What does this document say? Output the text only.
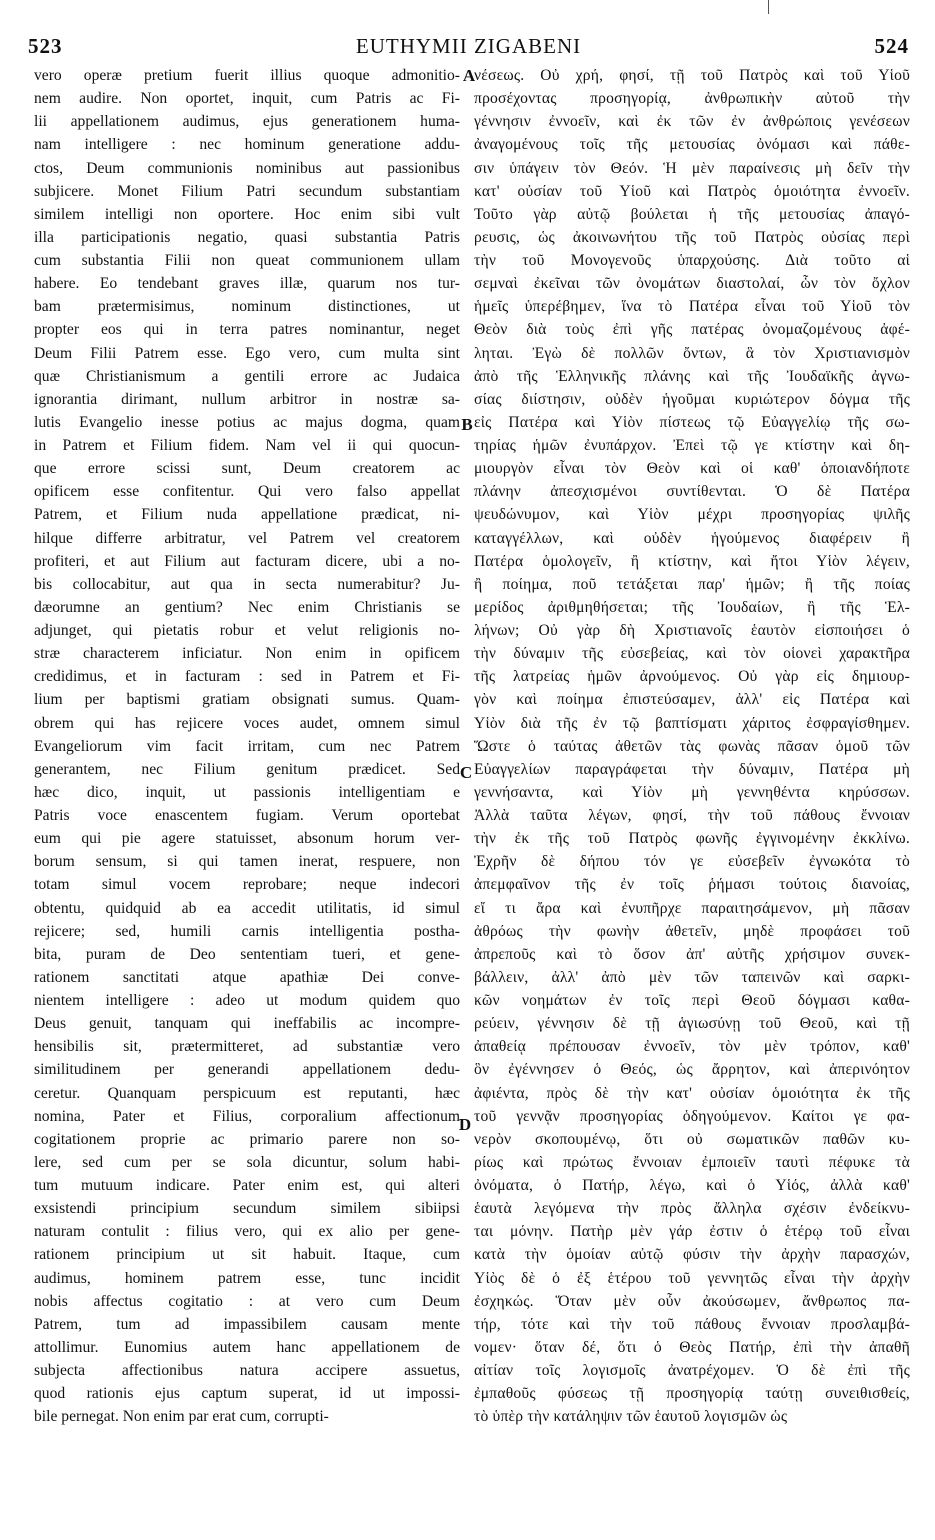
523	EUTHYMII ZIGABENI	524
vero operæ pretium fuerit illius quoque admonitio-
nem audire. Non oportet, inquit, cum Patris ac Fi-
lii appellationem audimus, ejus generationem huma-
nam intelligere : nec hominum generatione addu-
ctos, Deum communionis nominibus aut passionibus
subjicere. Monet Filium Patri secundum substantiam
similem intelligi non oportere. Hoc enim sibi vult
illa participationis negatio, quasi substantia Patris
cum substantia Filii non queat communionem ullam
habere. Eo tendebant graves illæ, quarum nos tur-
bam prætermisimus, nominum distinctiones, ut
propter eos qui in terra patres nominantur, neget
Deum Filii Patrem esse. Ego vero, cum multa sint
quæ Christianismum a gentili errore ac Judaica
ignorantia dirimant, nullum arbitror in nostræ sa-
lutis Evangelio inesse potius ac majus dogma, quam
in Patrem et Filium fidem. Nam vel ii qui quocun-
que errore scissi sunt, Deum creatorem ac
opificem esse confitentur. Qui vero falso appellat
Patrem, et Filium nuda appellatione prædicat, ni-
hilque differre arbitratur, vel Patrem vel creatorem
profiteri, et aut Filium aut facturam dicere, ubi a no-
bis collocabitur, aut qua in secta numerabitur? Ju-
dæorumne an gentium? Nec enim Christianis se
adjunget, qui pietatis robur et velut religionis no-
stræ characterem inficiatur. Non enim in opificem
credidimus, et in facturam : sed in Patrem et Fi-
lium per baptismi gratiam obsignati sumus. Quam-
obrem qui has rejicere voces audet, omnem simul
Evangeliorum vim facit irritam, cum nec Patrem
generantem, nec Filium genitum prædicet. Sed
hæc dico, inquit, ut passionis intelligentiam e
Patris voce enascentem fugiam. Verum oportebat
eum qui pie agere statuisset, absonum horum ver-
borum sensum, si qui tamen inerat, respuere, non
totam simul vocem reprobare; neque indecori
obtentu, quidquid ab ea accedit utilitatis, id simul
rejicere; sed, humili carnis intelligentia postha-
bita, puram de Deo sententiam tueri, et gene-
rationem sanctitati atque apathiæ Dei conve-
nientem intelligere : adeo ut modum quidem quo
Deus genuit, tanquam qui ineffabilis ac incompre-
hensibilis sit, prætermitteret, ad substantiæ vero
similitudinem per generandi appellationem dedu-
ceretur. Quanquam perspicuum est reputanti, hæc
nomina, Pater et Filius, corporalium affectionum
cogitationem proprie ac primario parere non so-
lere, sed cum per se sola dicuntur, solum habi-
tum mutuum indicare. Pater enim est, qui alteri
exsistendi principium secundum similem sibiipsi
naturam contulit : filius vero, qui ex alio per gene-
rationem principium ut sit habuit. Itaque, cum
audimus, hominem patrem esse, tunc incidit
nobis affectus cogitatio : at vero cum Deum
Patrem, tum ad impassibilem causam mente
attollimur. Eunomius autem hanc appellationem de
subjecta affectionibus natura accipere assuetus,
quod rationis ejus captum superat, id ut impossi-
bile pernegat. Non enim par erat cum, corrupti-
νέσεως. Οὐ χρή, φησί, τῇ τοῦ Πατρὸς καὶ τοῦ Υἱοῦ
προσέχοντας προσηγορίᾳ, ἀνθρωπικὴν αὐτοῦ τὴν
γέννησιν ἐννοεῖν, καὶ ἐκ τῶν ἐν ἀνθρώποις γενέσεων
ἀναγομένους τοῖς τῆς μετουσίας ὀνόμασι καὶ πάθε-
σιν ὑπάγειν τὸν Θεόν. Ἡ μὲν παραίνεσις μὴ δεῖν τὴν
κατ' οὐσίαν τοῦ Υἱοῦ καὶ Πατρὸς ὁμοιότητα ἐννοεῖν.
Τοῦτο γὰρ αὐτῷ βούλεται ἡ τῆς μετουσίας ἀπαγό-
ρευσις, ὡς ἀκοινωνήτου τῆς τοῦ Πατρὸς οὐσίας περὶ
τὴν τοῦ Μονογενοῦς ὑπαρχούσης. Διὰ τοῦτο αἱ
σεμναὶ ἐκεῖναι τῶν ὀνομάτων διαστολαί, ὧν τὸν ὄχλον
ἡμεῖς ὑπερέβημεν, ἵνα τὸ Πατέρα εἶναι τοῦ Υἱοῦ τὸν
Θεὸν διὰ τοὺς ἐπὶ γῆς πατέρας ὀνομαζομένους ἀφέ-
ληται. Ἐγὼ δὲ πολλῶν ὄντων, ἃ τὸν Χριστιανισμὸν
ἀπὸ τῆς Ἑλληνικῆς πλάνης καὶ τῆς Ἰουδαϊκῆς ἀγνω-
σίας διίστησιν, οὐδὲν ἡγοῦμαι κυριώτερον δόγμα τῆς
εἰς Πατέρα καὶ Υἱὸν πίστεως τῷ Εὐαγγελίῳ τῆς σω-
τηρίας ἡμῶν ἐνυπάρχον. Ἐπεὶ τῷ γε κτίστην καὶ δη-
μιουργὸν εἶναι τὸν Θεὸν καὶ οἱ καθ' ὁποιανδήποτε
πλάνην ἀπεσχισμένοι συντίθενται. Ὁ δὲ Πατέρα
ψευδώνυμον, καὶ Υἱὸν μέχρι προσηγορίας ψιλῆς
καταγγέλλων, καὶ οὐδὲν ἡγούμενος διαφέρειν ἢ
Πατέρα ὁμολογεῖν, ἢ κτίστην, καὶ ἤτοι Υἱὸν λέγειν,
ἢ ποίημα, ποῦ τετάξεται παρ' ἡμῶν; ἢ τῆς ποίας
μερίδος ἀριθμηθήσεται; τῆς Ἰουδαίων, ἢ τῆς Ἑλ-
λήνων; Οὐ γὰρ δὴ Χριστιανοῖς ἑαυτὸν εἰσποιήσει ὁ
τὴν δύναμιν τῆς εὐσεβείας, καὶ τὸν οἱονεὶ χαρακτῆρα
τῆς λατρείας ἡμῶν ἀρνούμενος. Οὐ γὰρ εἰς δημιουρ-
γὸν καὶ ποίημα ἐπιστεύσαμεν, ἀλλ' εἰς Πατέρα καὶ
Υἱὸν διὰ τῆς ἐν τῷ βαπτίσματι χάριτος ἐσφραγίσθημεν.
Ὥστε ὁ ταύτας ἀθετῶν τὰς φωνὰς πᾶσαν ὁμοῦ τῶν
Εὐαγγελίων παραγράφεται τὴν δύναμιν, Πατέρα μὴ
γεννήσαντα, καὶ Υἱὸν μὴ γεννηθέντα κηρύσσων.
Ἀλλὰ ταῦτα λέγων, φησί, τὴν τοῦ πάθους ἔννοιαν
τὴν ἐκ τῆς τοῦ Πατρὸς φωνῆς ἐγγινομένην ἐκκλίνω.
Ἐχρῆν δὲ δήπου τόν γε εὐσεβεῖν ἐγνωκότα τὸ
ἀπεμφαῖνον τῆς ἐν τοῖς ῥήμασι τούτοις διανοίας,
εἴ τι ἄρα καὶ ἐνυπῆρχε παραιτησάμενον, μὴ πᾶσαν
ἀθρόως τὴν φωνὴν ἀθετεῖν, μηδὲ προφάσει τοῦ
ἀπρεποῦς καὶ τὸ ὅσον ἀπ' αὐτῆς χρήσιμον συνεκ-
βάλλειν, ἀλλ' ἀπὸ μὲν τῶν ταπεινῶν καὶ σαρκι-
κῶν νοημάτων ἐν τοῖς περὶ Θεοῦ δόγμασι καθα-
ρεύειν, γέννησιν δὲ τῇ ἁγιωσύνῃ τοῦ Θεοῦ, καὶ τῇ
ἀπαθείᾳ πρέπουσαν ἐννοεῖν, τὸν μὲν τρόπον, καθ'
ὃν ἐγέννησεν ὁ Θεός, ὡς ἄρρητον, καὶ ἀπερινόητον
ἀφιέντα, πρὸς δὲ τὴν κατ' οὐσίαν ὁμοιότητα ἐκ τῆς
τοῦ γεννᾷν προσηγορίας ὁδηγούμενον. Καίτοι γε φα-
νερὸν σκοπουμένῳ, ὅτι οὐ σωματικῶν παθῶν κυ-
ρίως καὶ πρώτως ἔννοιαν ἐμποιεῖν ταυτὶ πέφυκε τὰ
ὀνόματα, ὁ Πατήρ, λέγω, καὶ ὁ Υἱός, ἀλλὰ καθ'
ἑαυτὰ λεγόμενα τὴν πρὸς ἄλληλα σχέσιν ἐνδείκνυ-
ται μόνην. Πατὴρ μὲν γάρ ἐστιν ὁ ἑτέρῳ τοῦ εἶναι
κατὰ τὴν ὁμοίαν αὐτῷ φύσιν τὴν ἀρχὴν παρασχών,
Υἱὸς δὲ ὁ ἐξ ἑτέρου τοῦ γεννητῶς εἶναι τὴν ἀρχὴν
ἐσχηκώς. Ὅταν μὲν οὖν ἀκούσωμεν, ἄνθρωπος πα-
τήρ, τότε καὶ τὴν τοῦ πάθους ἔννοιαν προσλαμβά-
νομεν· ὅταν δέ, ὅτι ὁ Θεὸς Πατήρ, ἐπὶ τὴν ἀπαθῆ
αἰτίαν τοῖς λογισμοῖς ἀνατρέχομεν. Ὁ δὲ ἐπὶ τῆς
ἐμπαθοῦς φύσεως τῇ προσηγορίᾳ ταύτῃ συνειθισθείς,
τὸ ὑπὲρ τὴν κατάληψιν τῶν ἑαυτοῦ λογισμῶν ὡς
A
B
C
D
